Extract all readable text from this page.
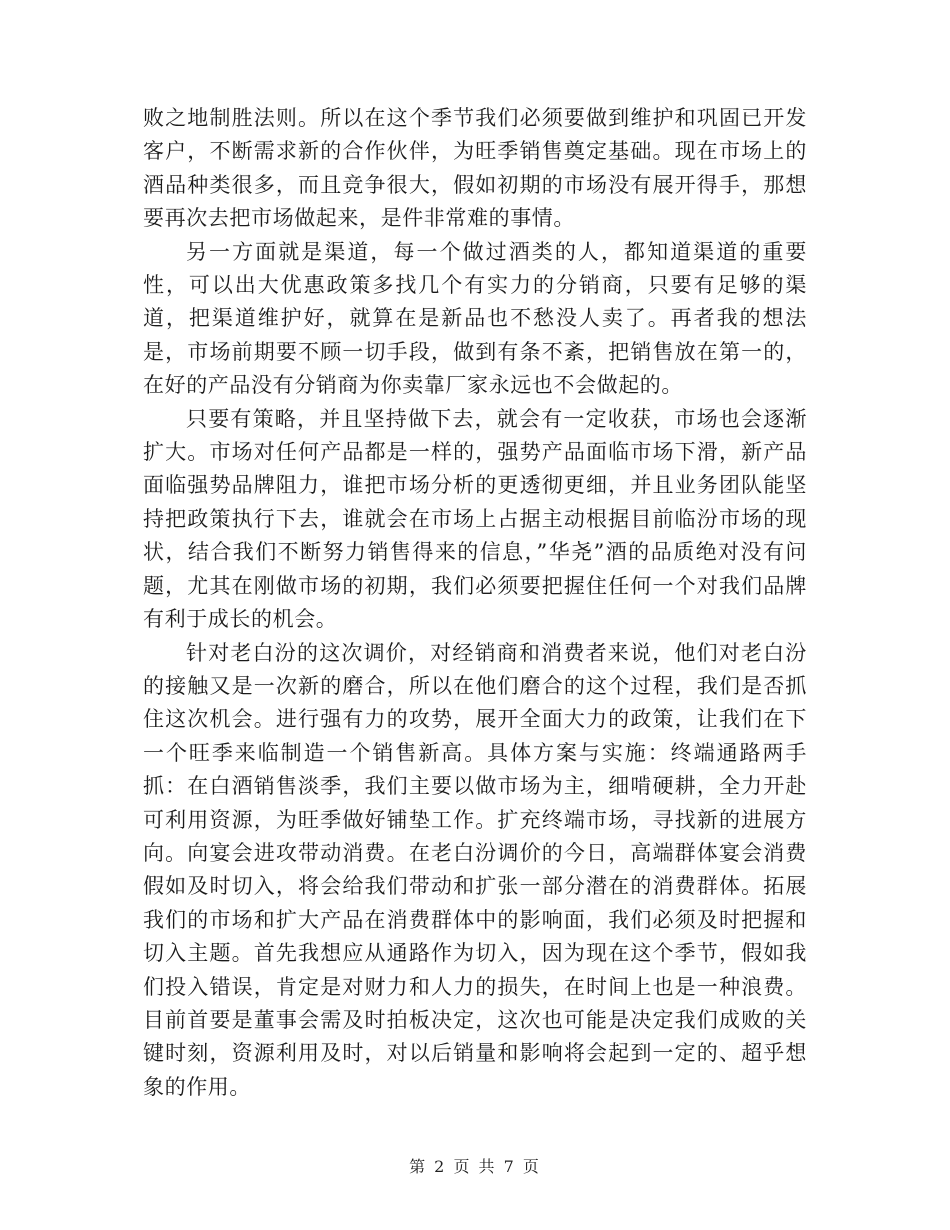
败之地制胜法则。所以在这个季节我们必须要做到维护和巩固已开发客户，不断需求新的合作伙伴，为旺季销售奠定基础。现在市场上的酒品种类很多，而且竞争很大，假如初期的市场没有展开得手，那想要再次去把市场做起来，是件非常难的事情。

另一方面就是渠道，每一个做过酒类的人，都知道渠道的重要性，可以出大优惠政策多找几个有实力的分销商，只要有足够的渠道，把渠道维护好，就算在是新品也不愁没人卖了。再者我的想法是，市场前期要不顾一切手段，做到有条不紊，把销售放在第一的，在好的产品没有分销商为你卖靠厂家永远也不会做起的。

只要有策略，并且坚持做下去，就会有一定收获，市场也会逐渐扩大。市场对任何产品都是一样的，强势产品面临市场下滑，新产品面临强势品牌阻力，谁把市场分析的更透彻更细，并且业务团队能坚持把政策执行下去，谁就会在市场上占据主动根据目前临汾市场的现状，结合我们不断努力销售得来的信息，”华尧”酒的品质绝对没有问题，尤其在刚做市场的初期，我们必须要把握住任何一个对我们品牌有利于成长的机会。

针对老白汾的这次调价，对经销商和消费者来说，他们对老白汾的接触又是一次新的磨合，所以在他们磨合的这个过程，我们是否抓住这次机会。进行强有力的攻势，展开全面大力的政策，让我们在下一个旺季来临制造一个销售新高。具体方案与实施：终端通路两手抓：在白酒销售淡季，我们主要以做市场为主，细啃硬耕，全力开赴可利用资源，为旺季做好铺垫工作。扩充终端市场，寻找新的进展方向。向宴会进攻带动消费。在老白汾调价的今日，高端群体宴会消费假如及时切入，将会给我们带动和扩张一部分潜在的消费群体。拓展我们的市场和扩大产品在消费群体中的影响面，我们必须及时把握和切入主题。首先我想应从通路作为切入，因为现在这个季节，假如我们投入错误，肯定是对财力和人力的损失，在时间上也是一种浪费。目前首要是董事会需及时拍板决定，这次也可能是决定我们成败的关键时刻，资源利用及时，对以后销量和影响将会起到一定的、超乎想象的作用。

第 2 页 共 7 页
